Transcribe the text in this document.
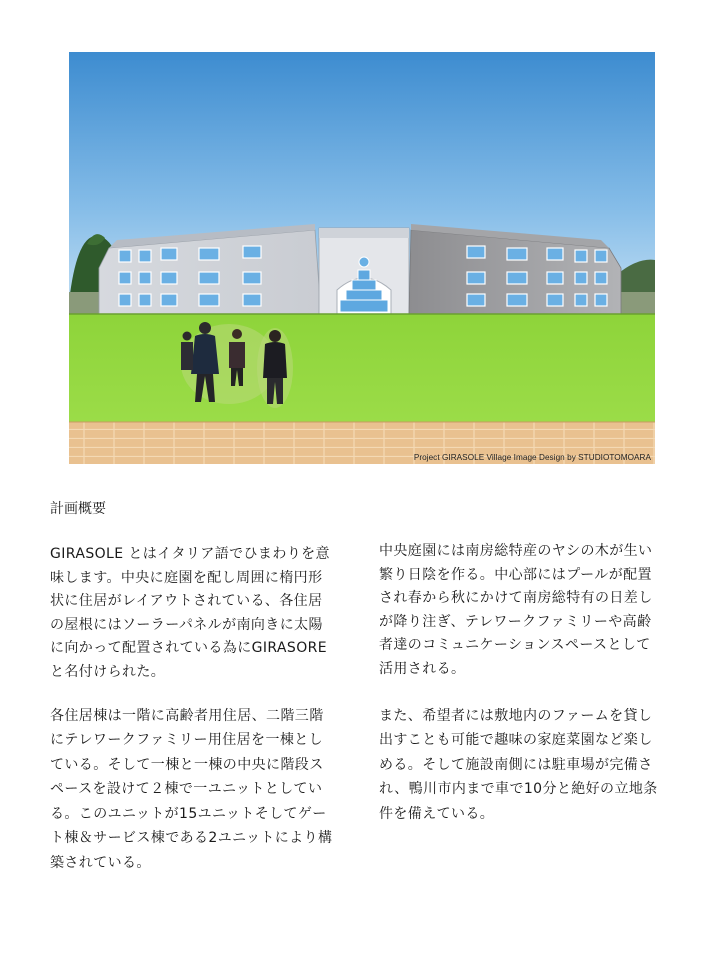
Project GIRASOLE Village Image Design by STUDIOTOMOARA
計画概要

GIRASOLE とはイタリア語でひまわりを意
味します。中央に庭園を配し周囲に楕円形
状に住居がレイアウトされている、各住居
の屋根にはソーラーパネルが南向きに太陽
に向かって配置されている為にGIRASORE
と名付けられた。

各住居棟は一階に高齢者用住居、二階三階
にテレワークファミリー用住居を一棟とし
ている。そして一棟と一棟の中央に階段ス
ペースを設けて２棟で一ユニットとしてい
る。このユニットが15ユニットそしてゲー
ト棟＆サービス棟である2ユニットにより構
築されている。

中央庭園には南房総特産のヤシの木が生い
繁り日陰を作る。中心部にはプールが配置
され春から秋にかけて南房総特有の日差し
が降り注ぎ、テレワークファミリーや高齢
者達のコミュニケーションスペースとして
活用される。

また、希望者には敷地内のファームを貸し
出すことも可能で趣味の家庭菜園など楽し
める。そして施設南側には駐車場が完備さ
れ、鴨川市内まで車で10分と絶好の立地条
件を備えている。
